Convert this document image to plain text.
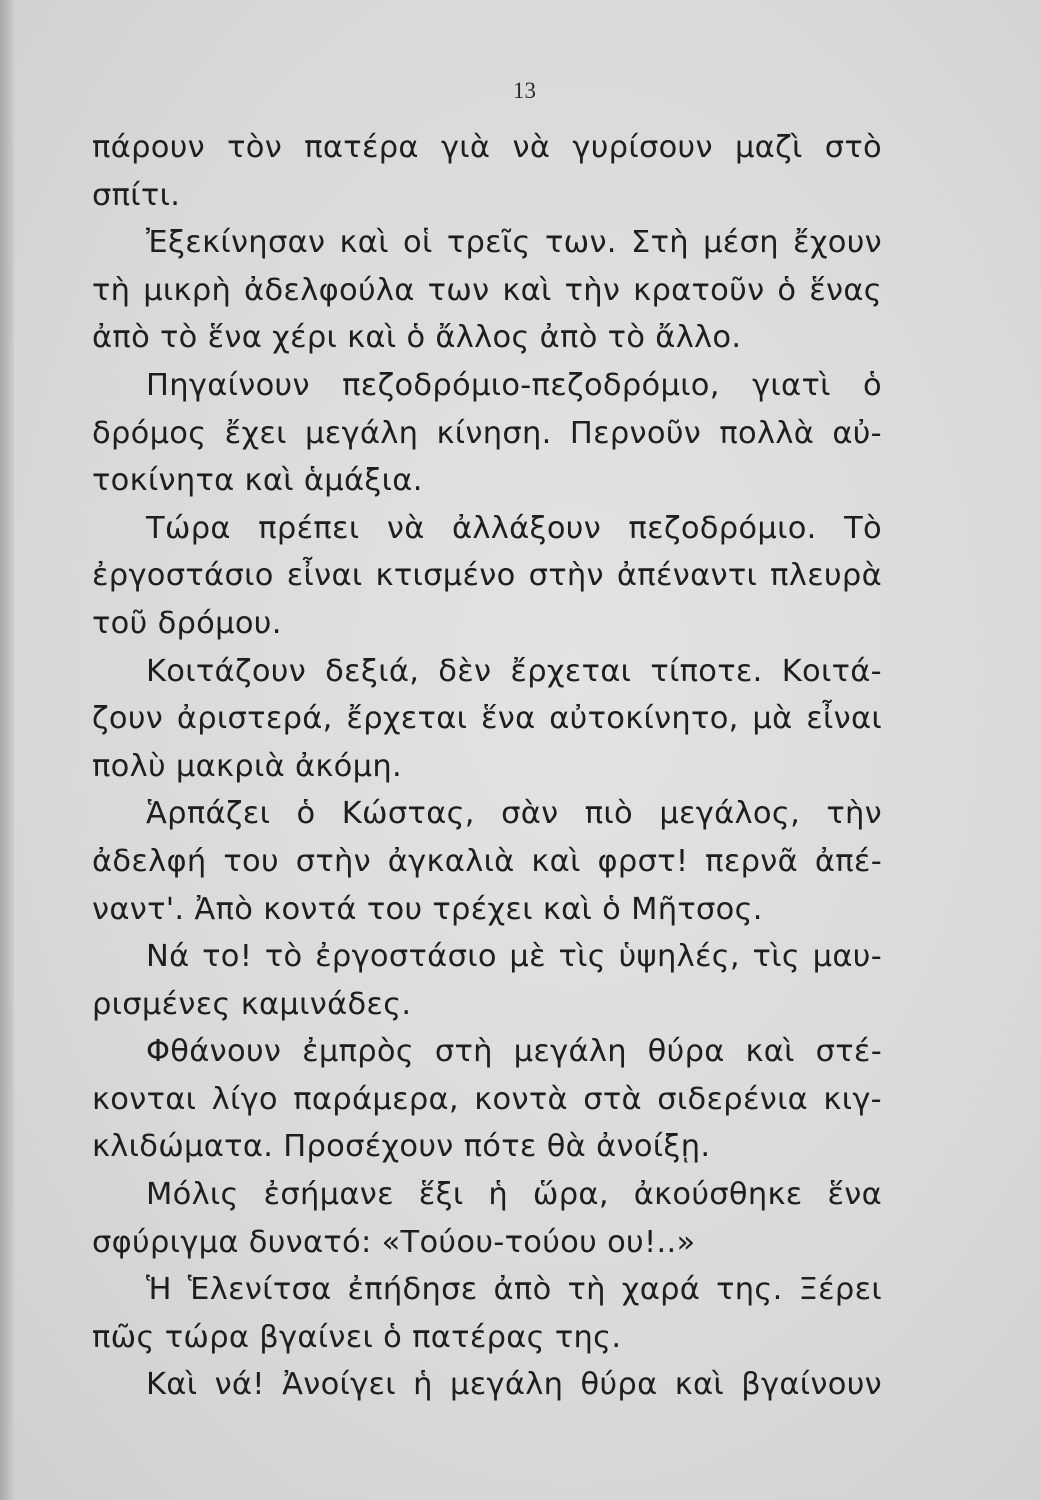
13
πάρουν τὸν πατέρα γιὰ νὰ γυρίσουν μαζὶ στὸ
σπίτι.
Ἐξεκίνησαν καὶ οἱ τρεῖς των. Στὴ μέση ἔχουν
τὴ μικρὴ ἀδελφούλα των καὶ τὴν κρατοῦν ὁ ἕνας
ἀπὸ τὸ ἕνα χέρι καὶ ὁ ἄλλος ἀπὸ τὸ ἄλλο.
Πηγαίνουν πεζοδρόμιο-πεζοδρόμιο, γιατὶ ὁ
δρόμος ἔχει μεγάλη κίνηση. Περνοῦν πολλὰ αὐ-
τοκίνητα καὶ ἁμάξια.
Τώρα πρέπει νὰ ἀλλάξουν πεζοδρόμιο. Τὸ
ἐργοστάσιο εἶναι κτισμένο στὴν ἀπέναντι πλευρὰ
τοῦ δρόμου.
Κοιτάζουν δεξιά, δὲν ἔρχεται τίποτε. Κοιτά-
ζουν ἀριστερά, ἔρχεται ἕνα αὐτοκίνητο, μὰ εἶναι
πολὺ μακριὰ ἀκόμη.
Ἁρπάζει ὁ Κώστας, σὰν πιὸ μεγάλος, τὴν
ἀδελφή του στὴν ἀγκαλιὰ καὶ φρστ! περνᾶ ἀπέ-
ναντ'. Ἀπὸ κοντά του τρέχει καὶ ὁ Μῆτσος.
Νά το! τὸ ἐργοστάσιο μὲ τὶς ὑψηλές, τὶς μαυ-
ρισμένες καμινάδες.
Φθάνουν ἐμπρὸς στὴ μεγάλη θύρα καὶ στέ-
κονται λίγο παράμερα, κοντὰ στὰ σιδερένια κιγ-
κλιδώματα. Προσέχουν πότε θὰ ἀνοίξῃ.
Μόλις ἐσήμανε ἕξι ἡ ὥρα, ἀκούσθηκε ἕνα
σφύριγμα δυνατό: «Τούου-τούου ου!..»
Ἡ Ἑλενίτσα ἐπήδησε ἀπὸ τὴ χαρά της. Ξέρει
πῶς τώρα βγαίνει ὁ πατέρας της.
Καὶ νά! Ἀνοίγει ἡ μεγάλη θύρα καὶ βγαίνουν
